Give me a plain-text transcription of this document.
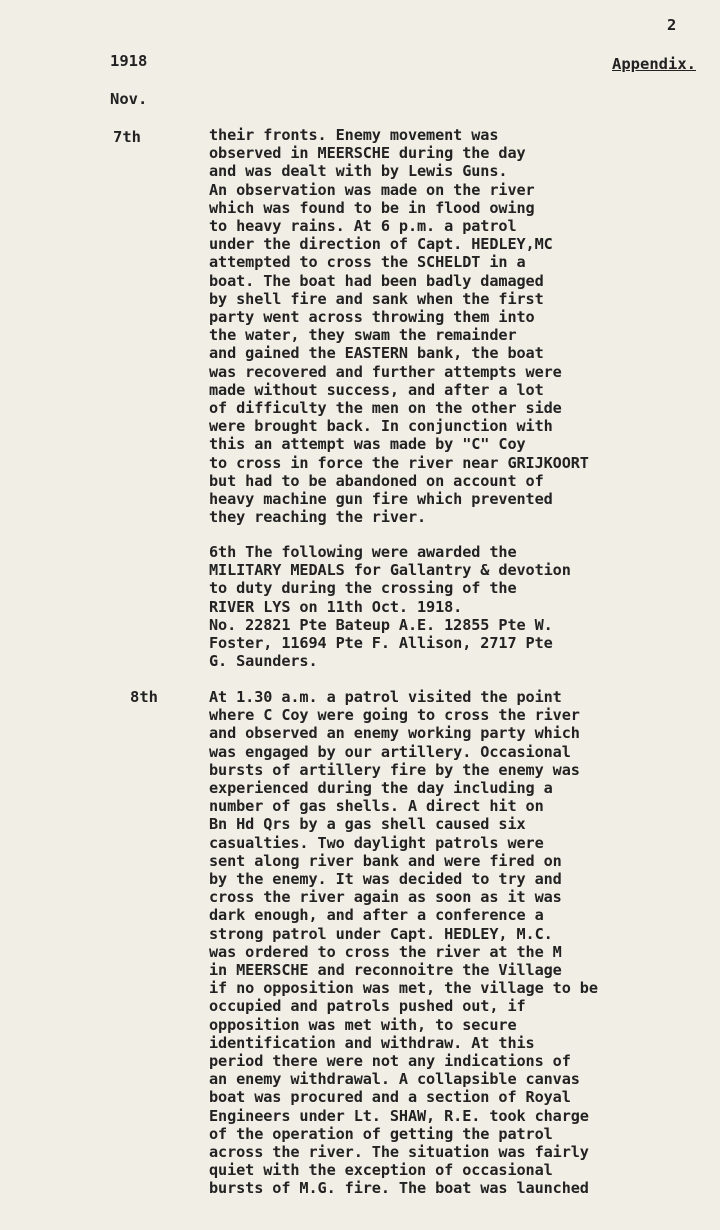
2
1918	Appendix.
Nov.
7th	their fronts. Enemy movement was
observed in MEERSCHE during the day
and was dealt with by Lewis Guns.
An observation was made on the river
which was found to be in flood owing
to heavy rains. At 6 p.m. a patrol
under the direction of Capt. HEDLEY,MC
attempted to cross the SCHELDT in a
boat. The boat had been badly damaged
by shell fire and sank when the first
party went across throwing them into
the water, they swam the remainder
and gained the EASTERN bank, the boat
was recovered and further attempts were
made without success, and after a lot
of difficulty the men on the other side
were brought back. In conjunction with
this an attempt was made by "C" Coy
to cross in force the river near GRIJKOORT
but had to be abandoned on account of
heavy machine gun fire which prevented
they reaching the river.
6th The following were awarded the
MILITARY MEDALS for Gallantry & devotion
to duty during the crossing of the
RIVER LYS on 11th Oct. 1918.
No. 22821 Pte Bateup A.E. 12855 Pte W.
Foster, 11694 Pte F. Allison, 2717 Pte
G. Saunders.
8th	At 1.30 a.m. a patrol visited the point
where C Coy were going to cross the river
and observed an enemy working party which
was engaged by our artillery. Occasional
bursts of artillery fire by the enemy was
experienced during the day including a
number of gas shells. A direct hit on
Bn Hd Qrs by a gas shell caused six
casualties. Two daylight patrols were
sent along river bank and were fired on
by the enemy. It was decided to try and
cross the river again as soon as it was
dark enough, and after a conference a
strong patrol under Capt. HEDLEY, M.C.
was ordered to cross the river at the M
in MEERSCHE and reconnoitre the Village
if no opposition was met, the village to be
occupied and patrols pushed out, if
opposition was met with, to secure
identification and withdraw. At this
period there were not any indications of
an enemy withdrawal. A collapsible canvas
boat was procured and a section of Royal
Engineers under Lt. SHAW, R.E. took charge
of the operation of getting the patrol
across the river. The situation was fairly
quiet with the exception of occasional
bursts of M.G. fire. The boat was launched
